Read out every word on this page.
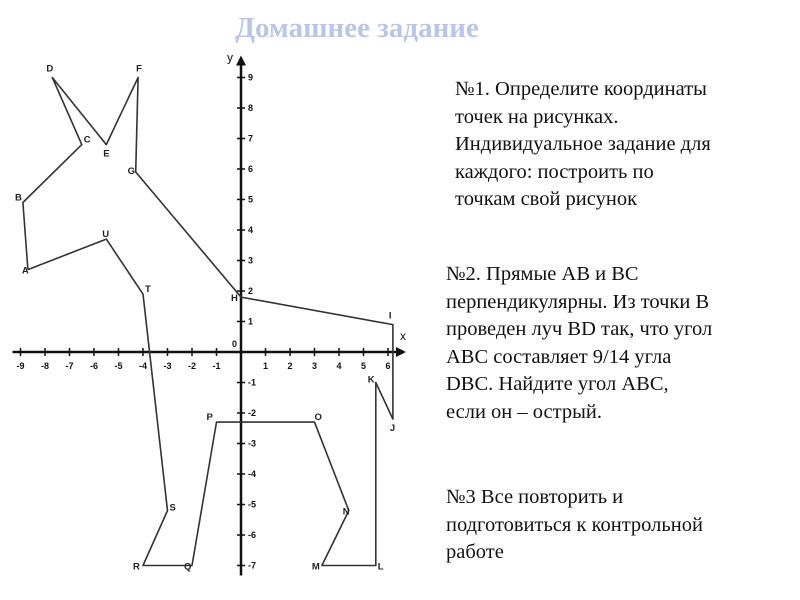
Домашнее задание
№1. Определите координаты
точек на рисунках.
Индивидуальное задание для
каждого: построить по
точкам свой рисунок
№2. Прямые AB и BC
перпендикулярны. Из точки B
проведен луч BD так, что угол
ABC составляет 9/14 угла
DBC. Найдите угол ABC,
если он – острый.
№3 Все повторить и
подготовиться к контрольной
работе
x
y
0
-9 -8 -7 -6 -5 -4 -3 -2 -1	1 2 3 4 5 6
-7
-6
-5
-4
-3
-2
-1
1
2
3
4
5
6
7
8
9
A
B
C
D
E
F
G
H
I
J
K
L
M
N
O
P
Q
R
S
T
U
